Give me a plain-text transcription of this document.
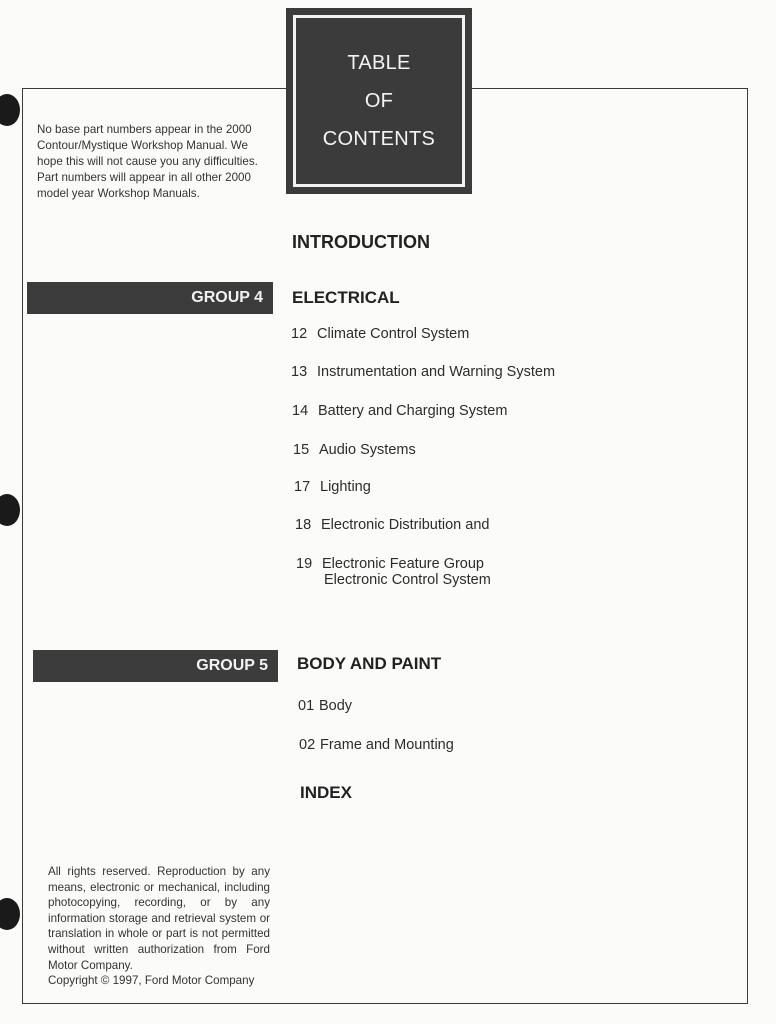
TABLE
OF
CONTENTS
No base part numbers appear in the 2000 Contour/Mystique Workshop Manual. We hope this will not cause you any difficulties. Part numbers will appear in all other 2000 model year Workshop Manuals.
INTRODUCTION
GROUP 4	ELECTRICAL
12 Climate Control System
13 Instrumentation and Warning System
14 Battery and Charging System
15 Audio Systems
17 Lighting
18 Electronic Distribution and
19 Electronic Feature Group
Electronic Control System
GROUP 5	BODY AND PAINT
01 Body
02 Frame and Mounting
INDEX
All rights reserved. Reproduction by any means, electronic or mechanical, including photocopying, recording, or by any information storage and retrieval system or translation in whole or part is not permitted without written authorization from Ford Motor Company.
Copyright © 1997, Ford Motor Company
